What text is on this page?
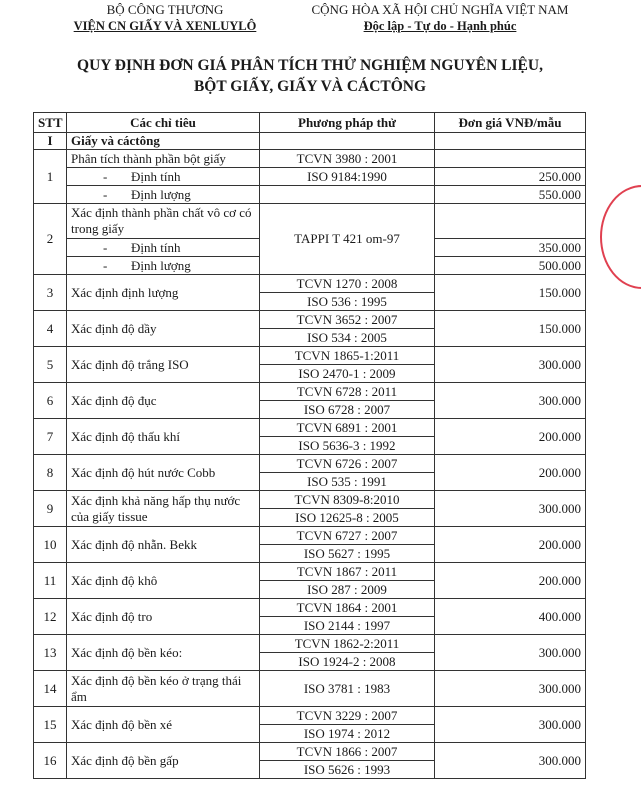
BỘ CÔNG THƯƠNG
VIỆN CN GIẤY VÀ XENLUYLÔ
CỘNG HÒA XÃ HỘI CHỦ NGHĨA VIỆT NAM
Độc lập - Tự do - Hạnh phúc
QUY ĐỊNH ĐƠN GIÁ PHÂN TÍCH THỬ NGHIỆM NGUYÊN LIỆU,
BỘT GIẤY, GIẤY VÀ CÁCTÔNG
STT	Các chỉ tiêu	Phương pháp thử	Đơn giá VNĐ/mẫu
I	Giấy và cáctông		
1	Phân tích thành phần bột giấy	TCVN 3980 : 2001	
	- Định tính	ISO 9184:1990	250.000
	- Định lượng		550.000
2	Xác định thành phần chất vô cơ có trong giấy	TAPPI T 421 om-97	
	- Định tính		350.000
	- Định lượng		500.000
3	Xác định định lượng	TCVN 1270 : 2008	150.000
		ISO 536 : 1995	
4	Xác định độ dầy	TCVN 3652 : 2007	150.000
		ISO 534 : 2005	
5	Xác định độ trắng ISO	TCVN 1865-1:2011	300.000
		ISO 2470-1 : 2009	
6	Xác định độ đục	TCVN 6728 : 2011	300.000
		ISO 6728 : 2007	
7	Xác định độ thấu khí	TCVN 6891 : 2001	200.000
		ISO 5636-3 : 1992	
8	Xác định độ hút nước Cobb	TCVN 6726 : 2007	200.000
		ISO 535 : 1991	
9	Xác định khả năng hấp thụ nước của giấy tissue	TCVN 8309-8:2010	300.000
		ISO 12625-8 : 2005	
10	Xác định độ nhẵn. Bekk	TCVN 6727 : 2007	200.000
		ISO 5627 : 1995	
11	Xác định độ khô	TCVN 1867 : 2011	200.000
		ISO 287 : 2009	
12	Xác định độ tro	TCVN 1864 : 2001	400.000
		ISO 2144 : 1997	
13	Xác định độ bền kéo:	TCVN 1862-2:2011	300.000
		ISO 1924-2 : 2008	
14	Xác định độ bền kéo ở trạng thái ẩm	ISO 3781 : 1983	300.000
15	Xác định độ bền xé	TCVN 3229 : 2007	300.000
		ISO 1974 : 2012	
16	Xác định độ bền gấp	TCVN 1866 : 2007	300.000
		ISO 5626 : 1993	
